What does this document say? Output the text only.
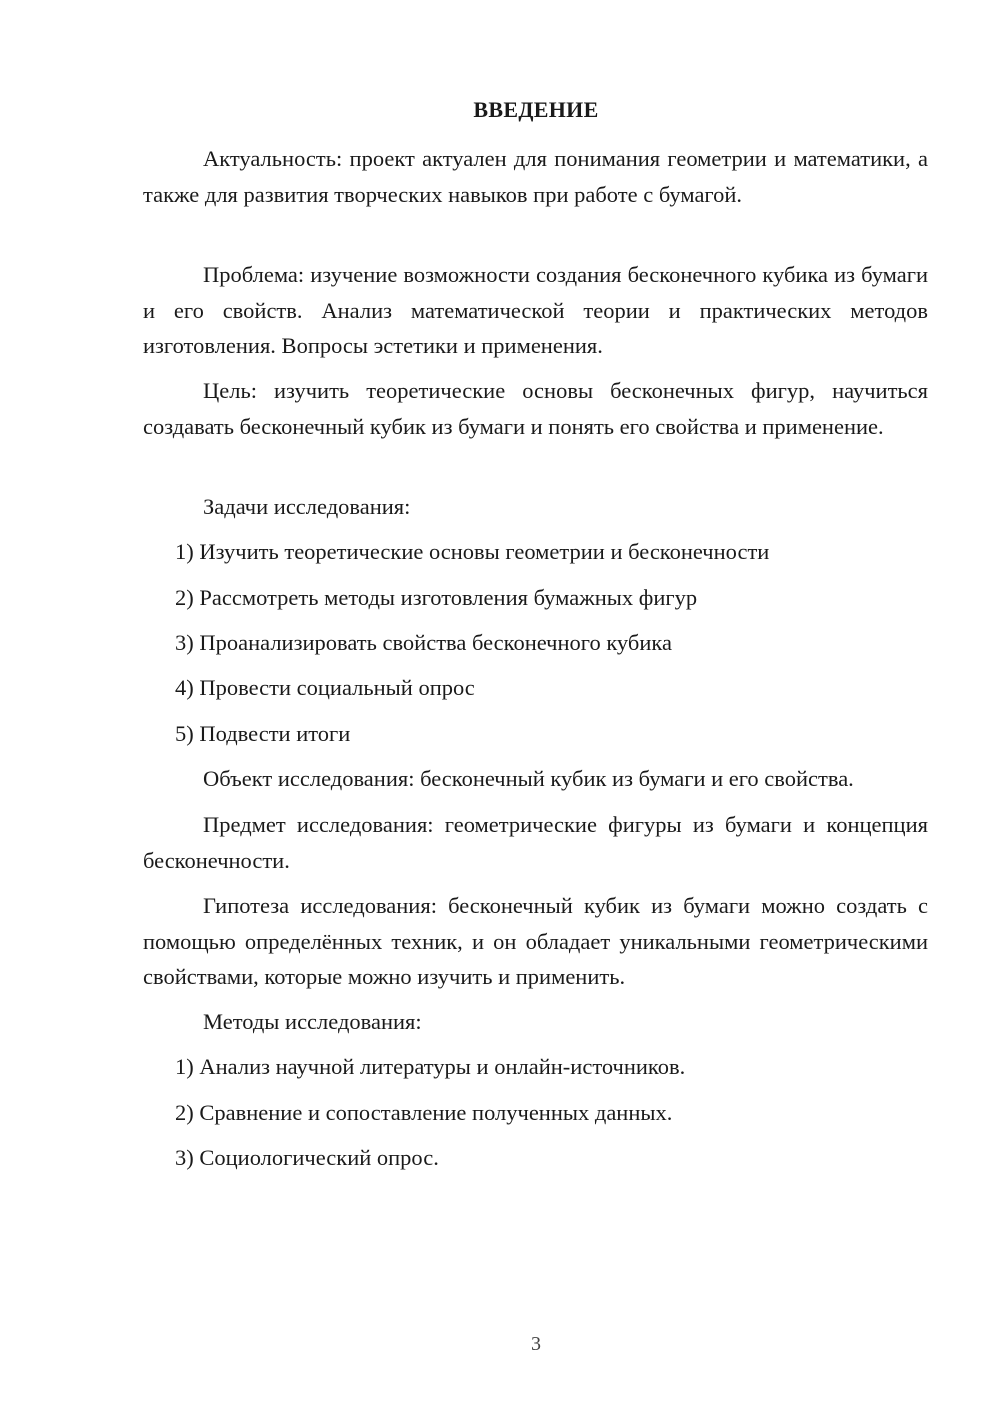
ВВЕДЕНИЕ
Актуальность: проект актуален для понимания геометрии и математики, а также для развития творческих навыков при работе с бумагой.
Проблема: изучение возможности создания бесконечного кубика из бумаги и его свойств. Анализ математической теории и практических методов изготовления. Вопросы эстетики и применения.
Цель: изучить теоретические основы бесконечных фигур, научиться создавать бесконечный кубик из бумаги и понять его свойства и применение.
Задачи исследования:
1) Изучить теоретические основы геометрии и бесконечности
2) Рассмотреть методы изготовления бумажных фигур
3) Проанализировать свойства бесконечного кубика
4) Провести социальный опрос
5) Подвести итоги
Объект исследования: бесконечный кубик из бумаги и его свойства.
Предмет исследования: геометрические фигуры из бумаги и концепция бесконечности.
Гипотеза исследования: бесконечный кубик из бумаги можно создать с помощью определённых техник, и он обладает уникальными геометрическими свойствами, которые можно изучить и применить.
Методы исследования:
1) Анализ научной литературы и онлайн-источников.
2) Сравнение и сопоставление полученных данных.
3) Социологический опрос.
3
